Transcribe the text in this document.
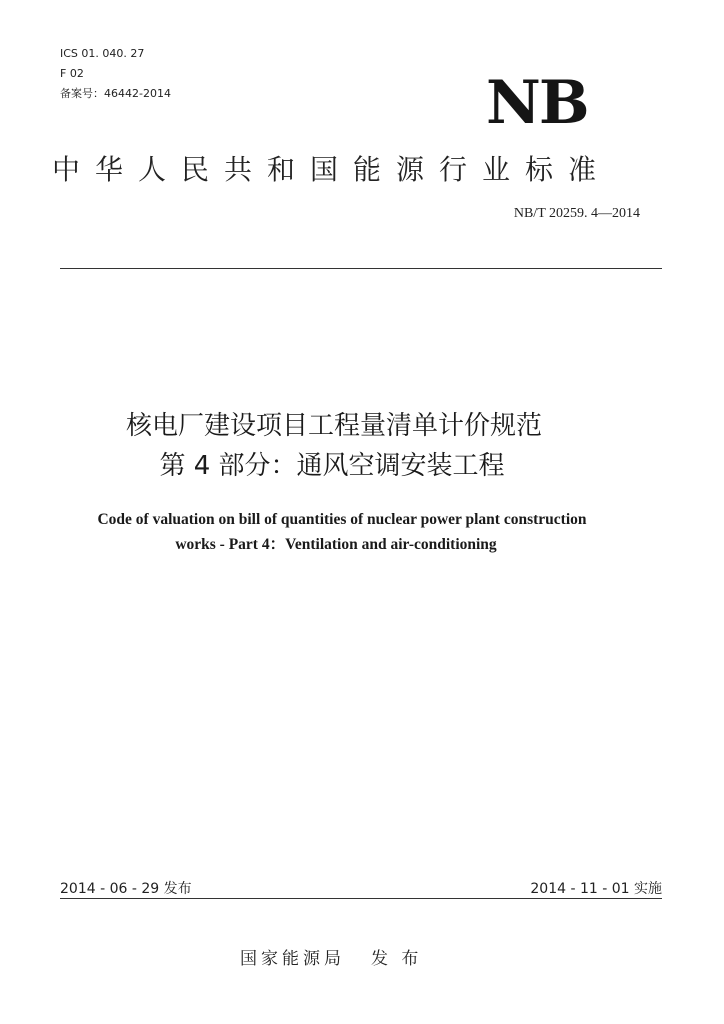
ICS 01. 040. 27
F 02
备案号：46442-2014	NB
中华人民共和国能源行业标准
NB/T 20259. 4—2014
核电厂建设项目工程量清单计价规范
第 4 部分：通风空调安装工程
Code of valuation on bill of quantities of nuclear power plant construction
works - Part 4：Ventilation and air-conditioning
2014 - 06 - 29 发布	2014 - 11 - 01 实施
国家能源局 发 布
